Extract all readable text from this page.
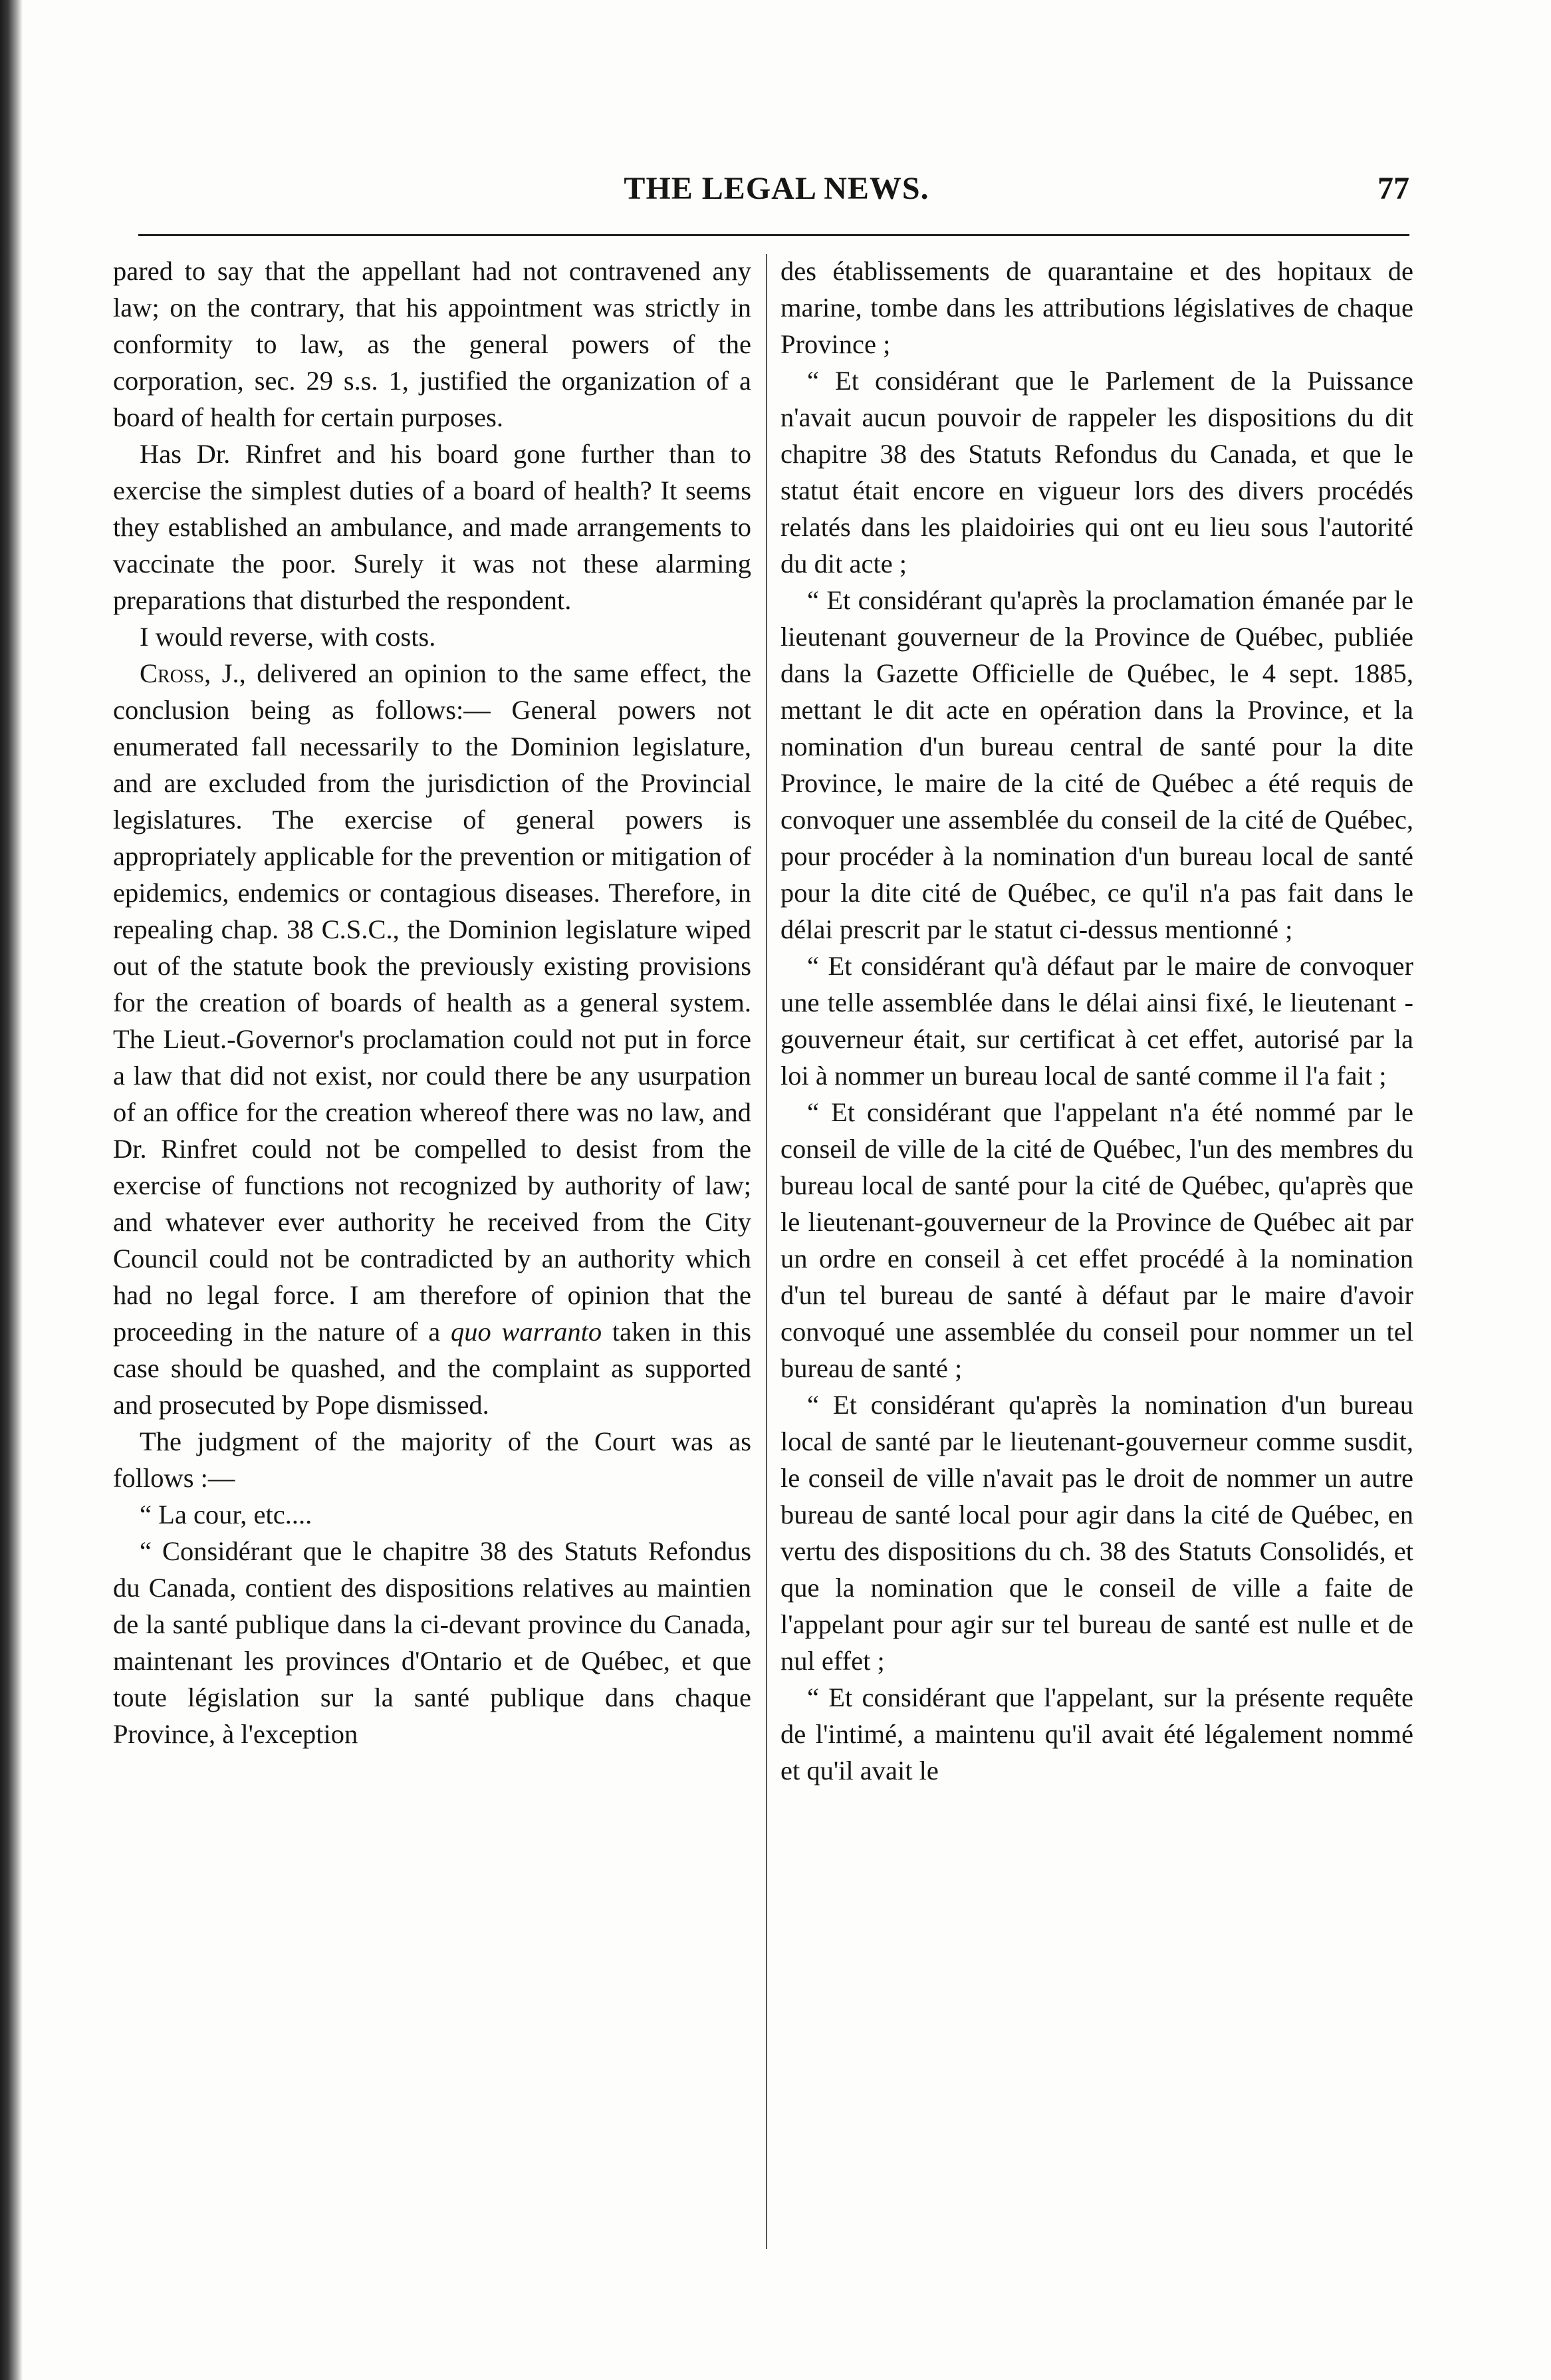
THE LEGAL NEWS.	77

pared to say that the appellant had not contravened any law; on the contrary, that his appointment was strictly in conformity to law, as the general powers of the corporation, sec. 29 s.s. 1, justified the organization of a board of health for certain purposes.

Has Dr. Rinfret and his board gone further than to exercise the simplest duties of a board of health? It seems they established an ambulance, and made arrangements to vaccinate the poor. Surely it was not these alarming preparations that disturbed the respondent.

I would reverse, with costs.

Cross, J., delivered an opinion to the same effect, the conclusion being as follows:— General powers not enumerated fall necessarily to the Dominion legislature, and are excluded from the jurisdiction of the Provincial legislatures. The exercise of general powers is appropriately applicable for the prevention or mitigation of epidemics, endemics or contagious diseases. Therefore, in repealing chap. 38 C.S.C., the Dominion legislature wiped out of the statute book the previously existing provisions for the creation of boards of health as a general system. The Lieut.-Governor's proclamation could not put in force a law that did not exist, nor could there be any usurpation of an office for the creation whereof there was no law, and Dr. Rinfret could not be compelled to desist from the exercise of functions not recognized by authority of law; and whatever ever authority he received from the City Council could not be contradicted by an authority which had no legal force. I am therefore of opinion that the proceeding in the nature of a quo warranto taken in this case should be quashed, and the complaint as supported and prosecuted by Pope dismissed.

The judgment of the majority of the Court was as follows :—

“ La cour, etc....

“ Considérant que le chapitre 38 des Statuts Refondus du Canada, contient des dispositions relatives au maintien de la santé publique dans la ci-devant province du Canada, maintenant les provinces d'Ontario et de Québec, et que toute législation sur la santé publique dans chaque Province, à l'exception

des établissements de quarantaine et des hopitaux de marine, tombe dans les attributions législatives de chaque Province ;

“ Et considérant que le Parlement de la Puissance n'avait aucun pouvoir de rappeler les dispositions du dit chapitre 38 des Statuts Refondus du Canada, et que le statut était encore en vigueur lors des divers procédés relatés dans les plaidoiries qui ont eu lieu sous l'autorité du dit acte ;

“ Et considérant qu'après la proclamation émanée par le lieutenant gouverneur de la Province de Québec, publiée dans la Gazette Officielle de Québec, le 4 sept. 1885, mettant le dit acte en opération dans la Province, et la nomination d'un bureau central de santé pour la dite Province, le maire de la cité de Québec a été requis de convoquer une assemblée du conseil de la cité de Québec, pour procéder à la nomination d'un bureau local de santé pour la dite cité de Québec, ce qu'il n'a pas fait dans le délai prescrit par le statut ci-dessus mentionné ;

“ Et considérant qu'à défaut par le maire de convoquer une telle assemblée dans le délai ainsi fixé, le lieutenant - gouverneur était, sur certificat à cet effet, autorisé par la loi à nommer un bureau local de santé comme il l'a fait ;

“ Et considérant que l'appelant n'a été nommé par le conseil de ville de la cité de Québec, l'un des membres du bureau local de santé pour la cité de Québec, qu'après que le lieutenant-gouverneur de la Province de Québec ait par un ordre en conseil à cet effet procédé à la nomination d'un tel bureau de santé à défaut par le maire d'avoir convoqué une assemblée du conseil pour nommer un tel bureau de santé ;

“ Et considérant qu'après la nomination d'un bureau local de santé par le lieutenant-gouverneur comme susdit, le conseil de ville n'avait pas le droit de nommer un autre bureau de santé local pour agir dans la cité de Québec, en vertu des dispositions du ch. 38 des Statuts Consolidés, et que la nomination que le conseil de ville a faite de l'appelant pour agir sur tel bureau de santé est nulle et de nul effet ;

“ Et considérant que l'appelant, sur la présente requête de l'intimé, a maintenu qu'il avait été légalement nommé et qu'il avait le
